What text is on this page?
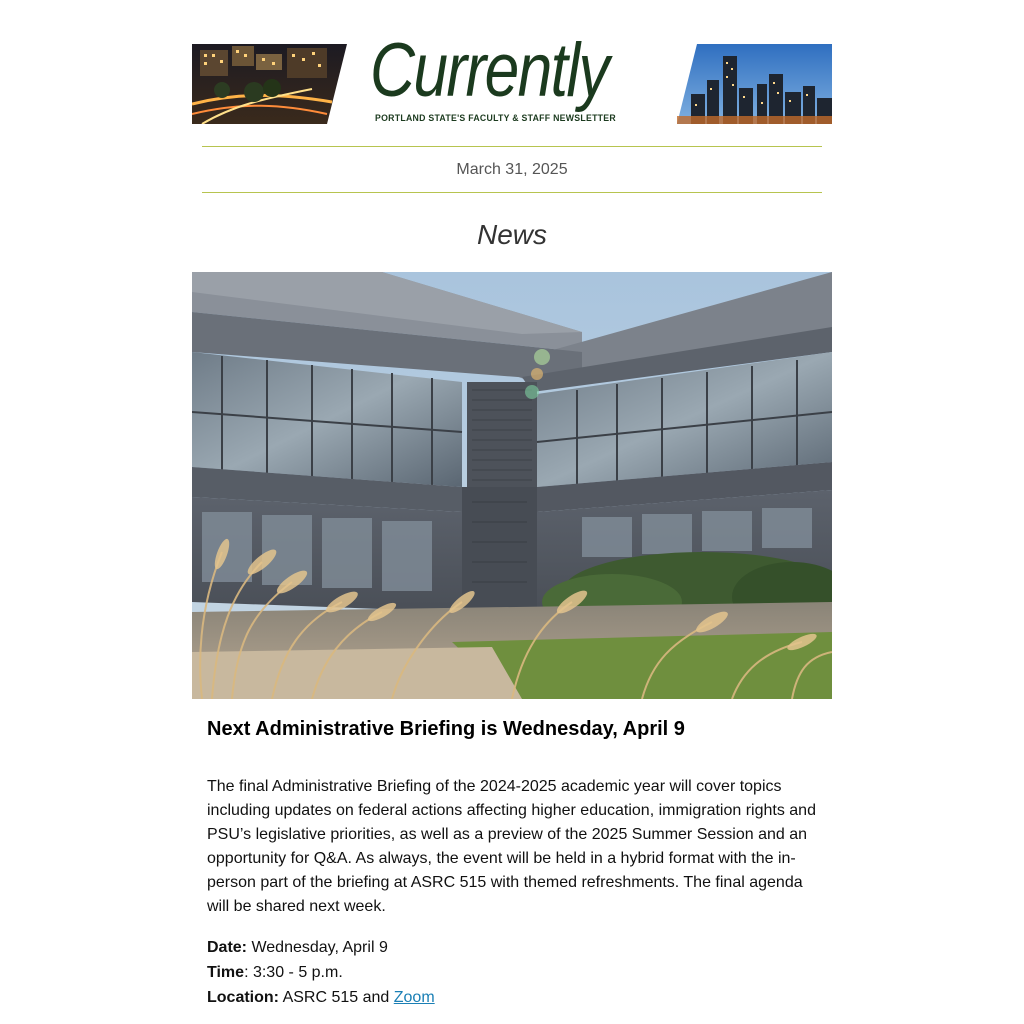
Currently
PORTLAND STATE'S FACULTY & STAFF NEWSLETTER
March 31, 2025
News
Next Administrative Briefing is Wednesday, April 9

The final Administrative Briefing of the 2024-2025 academic year will cover topics including updates on federal actions affecting higher education, immigration rights and PSU’s legislative priorities, as well as a preview of the 2025 Summer Session and an opportunity for Q&A. As always, the event will be held in a hybrid format with the in-person part of the briefing at ASRC 515 with themed refreshments. The final agenda will be shared next week.

Date: Wednesday, April 9
Time: 3:30 - 5 p.m.
Location: ASRC 515 and Zoom
